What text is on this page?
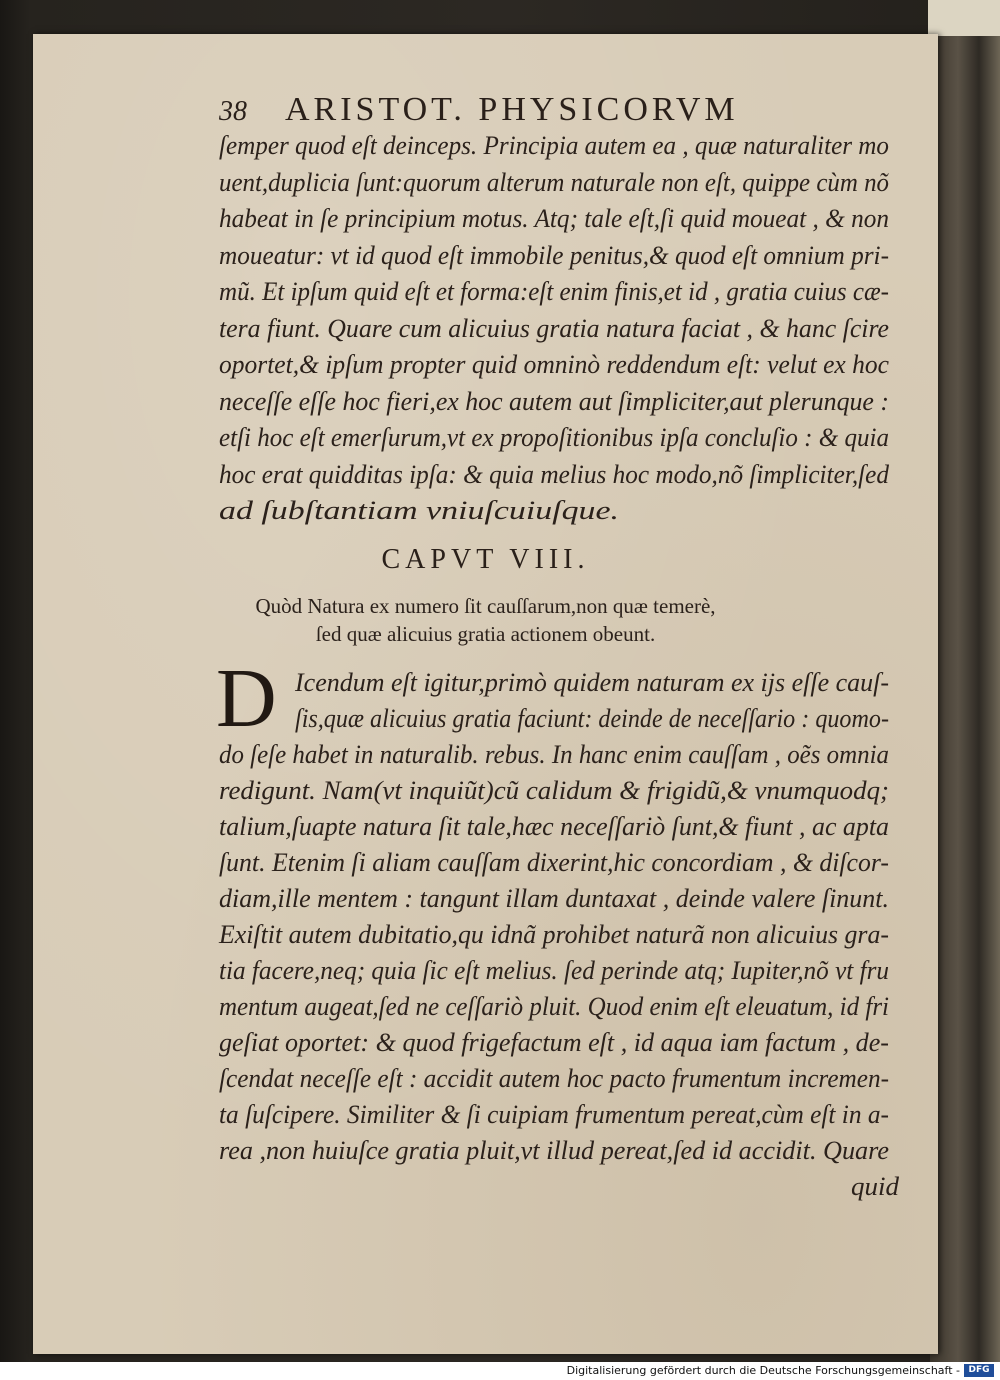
38 ARISTOT. PHYSICORVM
ſemper quod eſt deinceps. Principia autem ea , quæ naturaliter mo
uent,duplicia ſunt:quorum alterum naturale non eſt, quippe cùm nõ
habeat in ſe principium motus. Atq; tale eſt,ſi quid moueat , & non
moueatur: vt id quod eſt immobile penitus,& quod eſt omnium pri-
mũ. Et ipſum quid eſt et forma:eſt enim finis,et id , gratia cuius cæ-
tera fiunt. Quare cum alicuius gratia natura faciat , & hanc ſcire
oportet,& ipſum propter quid omninò reddendum eſt: velut ex hoc
neceſſe eſſe hoc fieri,ex hoc autem aut ſimpliciter,aut plerunque :
etſi hoc eſt emerſurum,vt ex propoſitionibus ipſa concluſio : & quia
hoc erat quidditas ipſa: & quia melius hoc modo,nõ ſimpliciter,ſed
ad ſubſtantiam vniuſcuiuſque.
CAPVT VIII.
Quòd Natura ex numero ſit cauſſarum,non quæ temerè,
ſed quæ alicuius gratia actionem obeunt.
D Icendum eſt igitur,primò quidem naturam ex ijs eſſe cauſ-
ſis,quæ alicuius gratia faciunt: deinde de neceſſario : quomo-
do ſeſe habet in naturalib. rebus. In hanc enim cauſſam , oẽs omnia
redigunt. Nam(vt inquiũt)cũ calidum & frigidũ,& vnumquodq;
talium,ſuapte natura ſit tale,hæc neceſſariò ſunt,& fiunt , ac apta
ſunt. Etenim ſi aliam cauſſam dixerint,hic concordiam , & diſcor-
diam,ille mentem : tangunt illam duntaxat , deinde valere ſinunt.
Exiſtit autem dubitatio,qu idnã prohibet naturã non alicuius gra-
tia facere,neq; quia ſic eſt melius. ſed perinde atq; Iupiter,nõ vt fru
mentum augeat,ſed ne ceſſariò pluit. Quod enim eſt eleuatum, id fri
geſiat oportet: & quod frigefactum eſt , id aqua iam factum , de-
ſcendat neceſſe eſt : accidit autem hoc pacto frumentum incremen-
ta ſuſcipere. Similiter & ſi cuipiam frumentum pereat,cùm eſt in a-
rea ,non huiuſce gratia pluit,vt illud pereat,ſed id accidit. Quare
quid
Digitalisierung gefördert durch die Deutsche Forschungsgemeinschaft - DFG
